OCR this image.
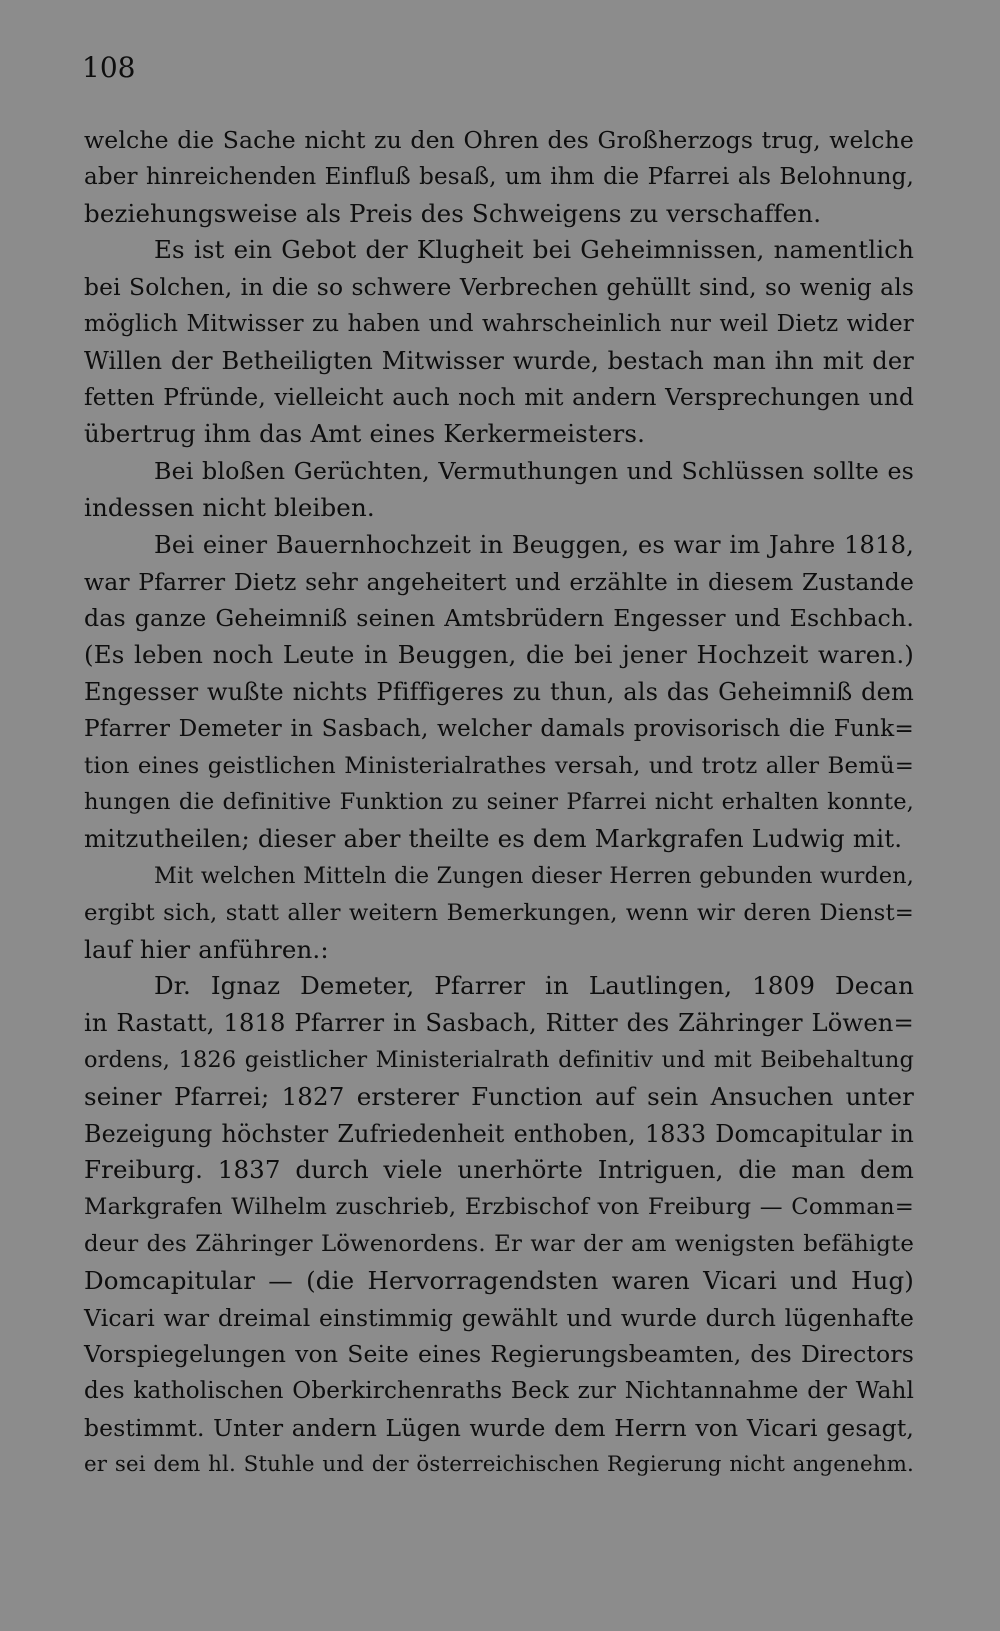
108
welche die Sache nicht zu den Ohren des Großherzogs trug, welche
aber hinreichenden Einfluß besaß, um ihm die Pfarrei als Belohnung,
beziehungsweise als Preis des Schweigens zu verschaffen.
Es ist ein Gebot der Klugheit bei Geheimnissen, namentlich
bei Solchen, in die so schwere Verbrechen gehüllt sind, so wenig als
möglich Mitwisser zu haben und wahrscheinlich nur weil Dietz wider
Willen der Betheiligten Mitwisser wurde, bestach man ihn mit der
fetten Pfründe, vielleicht auch noch mit andern Versprechungen und
übertrug ihm das Amt eines Kerkermeisters.
Bei bloßen Gerüchten, Vermuthungen und Schlüssen sollte es
indessen nicht bleiben.
Bei einer Bauernhochzeit in Beuggen, es war im Jahre 1818,
war Pfarrer Dietz sehr angeheitert und erzählte in diesem Zustande
das ganze Geheimniß seinen Amtsbrüdern Engesser und Eschbach.
(Es leben noch Leute in Beuggen, die bei jener Hochzeit waren.)
Engesser wußte nichts Pfiffigeres zu thun, als das Geheimniß dem
Pfarrer Demeter in Sasbach, welcher damals provisorisch die Funk=
tion eines geistlichen Ministerialrathes versah, und trotz aller Bemü=
hungen die definitive Funktion zu seiner Pfarrei nicht erhalten konnte,
mitzutheilen; dieser aber theilte es dem Markgrafen Ludwig mit.
Mit welchen Mitteln die Zungen dieser Herren gebunden wurden,
ergibt sich, statt aller weitern Bemerkungen, wenn wir deren Dienst=
lauf hier anführen.:
Dr. Ignaz Demeter, Pfarrer in Lautlingen, 1809 Decan
in Rastatt, 1818 Pfarrer in Sasbach, Ritter des Zähringer Löwen=
ordens, 1826 geistlicher Ministerialrath definitiv und mit Beibehaltung
seiner Pfarrei; 1827 ersterer Function auf sein Ansuchen unter
Bezeigung höchster Zufriedenheit enthoben, 1833 Domcapitular in
Freiburg. 1837 durch viele unerhörte Intriguen, die man dem
Markgrafen Wilhelm zuschrieb, Erzbischof von Freiburg — Comman=
deur des Zähringer Löwenordens. Er war der am wenigsten befähigte
Domcapitular — (die Hervorragendsten waren Vicari und Hug)
Vicari war dreimal einstimmig gewählt und wurde durch lügenhafte
Vorspiegelungen von Seite eines Regierungsbeamten, des Directors
des katholischen Oberkirchenraths Beck zur Nichtannahme der Wahl
bestimmt. Unter andern Lügen wurde dem Herrn von Vicari gesagt,
er sei dem hl. Stuhle und der österreichischen Regierung nicht angenehm.
